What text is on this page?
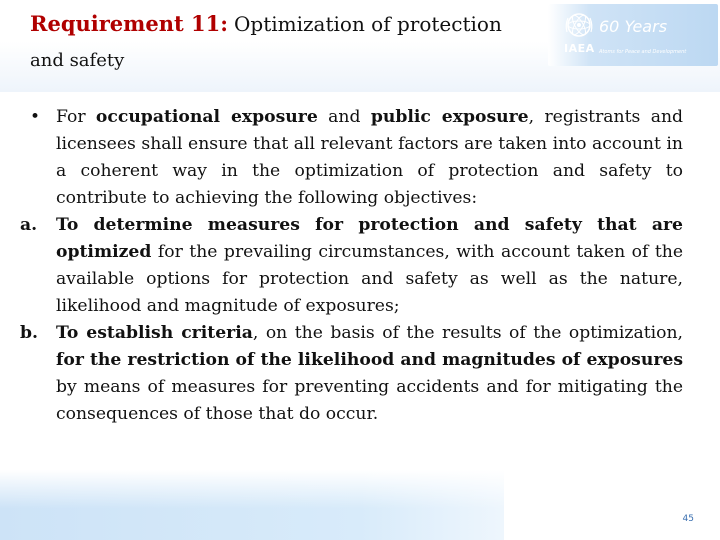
Requirement 11: Optimization of protection
and safety
IAEA
60 Years
Atoms for Peace and Development
• For occupational exposure and public exposure, registrants and licensees shall ensure that all relevant factors are taken into account in a coherent way in the optimization of protection and safety to contribute to achieving the following objectives:

a. To determine measures for protection and safety that are optimized for the prevailing circumstances, with account taken of the available options for protection and safety as well as the nature, likelihood and magnitude of exposures;

b. To establish criteria, on the basis of the results of the optimization, for the restriction of the likelihood and magnitudes of exposures by means of measures for preventing accidents and for mitigating the consequences of those that do occur.

45
